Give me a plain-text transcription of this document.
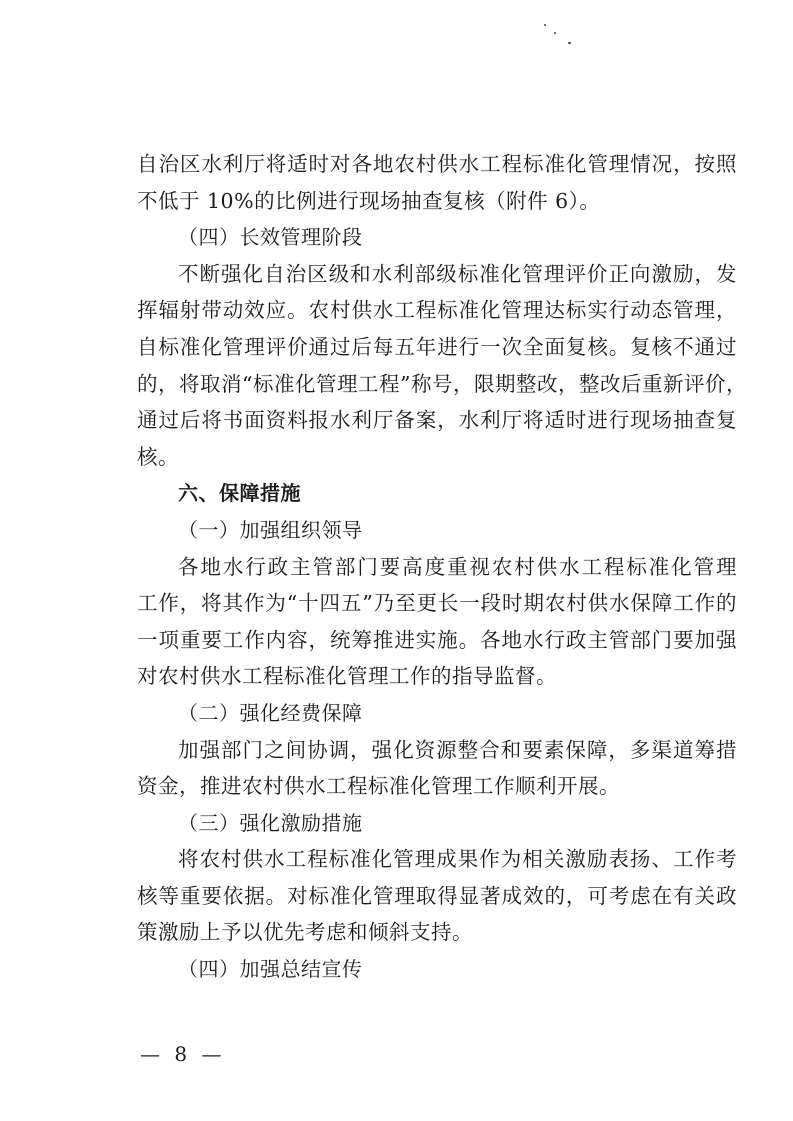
自治区水利厅将适时对各地农村供水工程标准化管理情况，按照
不低于 10%的比例进行现场抽查复核（附件 6）。
（四）长效管理阶段
不断强化自治区级和水利部级标准化管理评价正向激励，发
挥辐射带动效应。农村供水工程标准化管理达标实行动态管理，
自标准化管理评价通过后每五年进行一次全面复核。复核不通过
的，将取消“标准化管理工程”称号，限期整改，整改后重新评价，
通过后将书面资料报水利厅备案，水利厅将适时进行现场抽查复
核。
六、保障措施
（一）加强组织领导
各地水行政主管部门要高度重视农村供水工程标准化管理
工作，将其作为“十四五”乃至更长一段时期农村供水保障工作的
一项重要工作内容，统筹推进实施。各地水行政主管部门要加强
对农村供水工程标准化管理工作的指导监督。
（二）强化经费保障
加强部门之间协调，强化资源整合和要素保障，多渠道筹措
资金，推进农村供水工程标准化管理工作顺利开展。
（三）强化激励措施
将农村供水工程标准化管理成果作为相关激励表扬、工作考
核等重要依据。对标准化管理取得显著成效的，可考虑在有关政
策激励上予以优先考虑和倾斜支持。
（四）加强总结宣传
— 8 —
